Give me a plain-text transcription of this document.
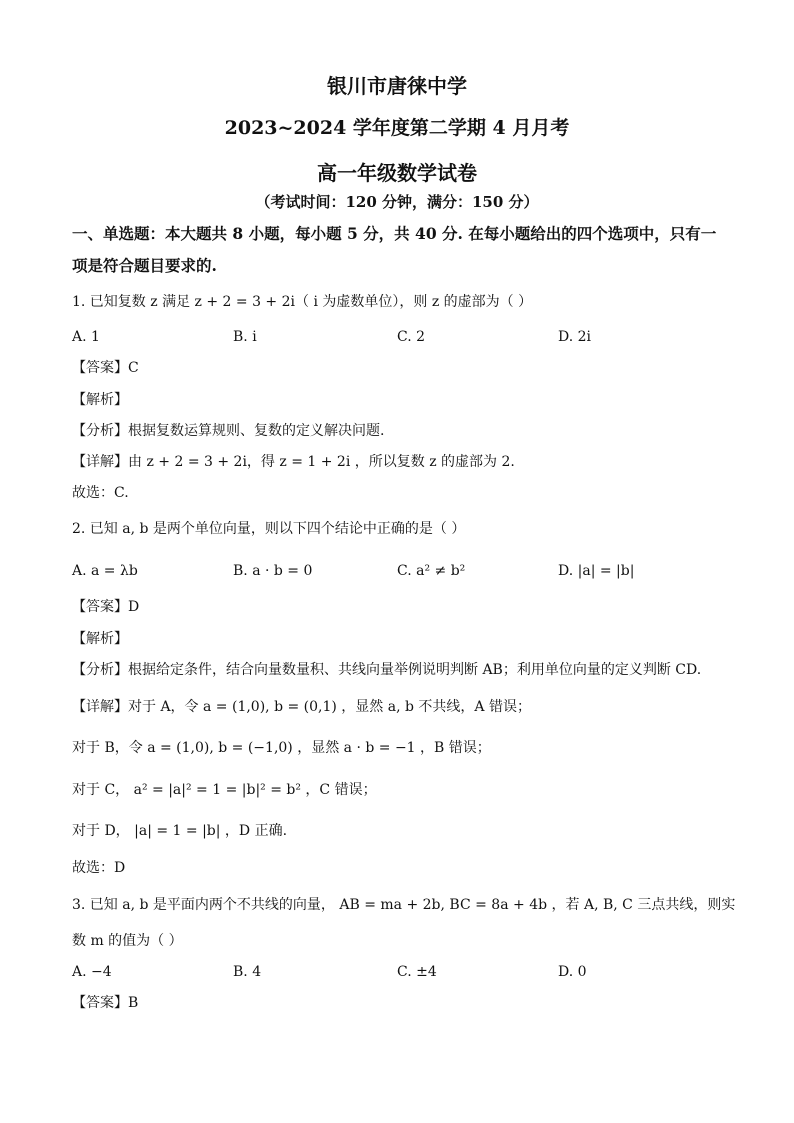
银川市唐徕中学
2023~2024 学年度第二学期 4 月月考
高一年级数学试卷
（考试时间：120 分钟，满分：150 分）
一、单选题：本大题共 8 小题，每小题 5 分，共 40 分. 在每小题给出的四个选项中，只有一
项是符合题目要求的.
1. 已知复数 z 满足 z + 2 = 3 + 2i（ i 为虚数单位），则 z 的虚部为（ ）
A. 1	B. i	C. 2	D. 2i
【答案】C
【解析】
【分析】根据复数运算规则、复数的定义解决问题.
【详解】由 z + 2 = 3 + 2i，得 z = 1 + 2i ，所以复数 z 的虚部为 2.
故选：C.
2. 已知 a, b 是两个单位向量，则以下四个结论中正确的是（ ）
A. a = λb	B. a · b = 0	C. a² ≠ b²	D. |a| = |b|
【答案】D
【解析】
【分析】根据给定条件，结合向量数量积、共线向量举例说明判断 AB；利用单位向量的定义判断 CD.
【详解】对于 A，令 a = (1,0), b = (0,1) ，显然 a, b 不共线，A 错误；
对于 B，令 a = (1,0), b = (−1,0) ，显然 a · b = −1 ，B 错误；
对于 C， a² = |a|² = 1 = |b|² = b² ，C 错误；
对于 D， |a| = 1 = |b| ，D 正确.
故选：D
3. 已知 a, b 是平面内两个不共线的向量， AB = ma + 2b, BC = 8a + 4b ，若 A, B, C 三点共线，则实
数 m 的值为（ ）
A. −4	B. 4	C. ±4	D. 0
【答案】B
